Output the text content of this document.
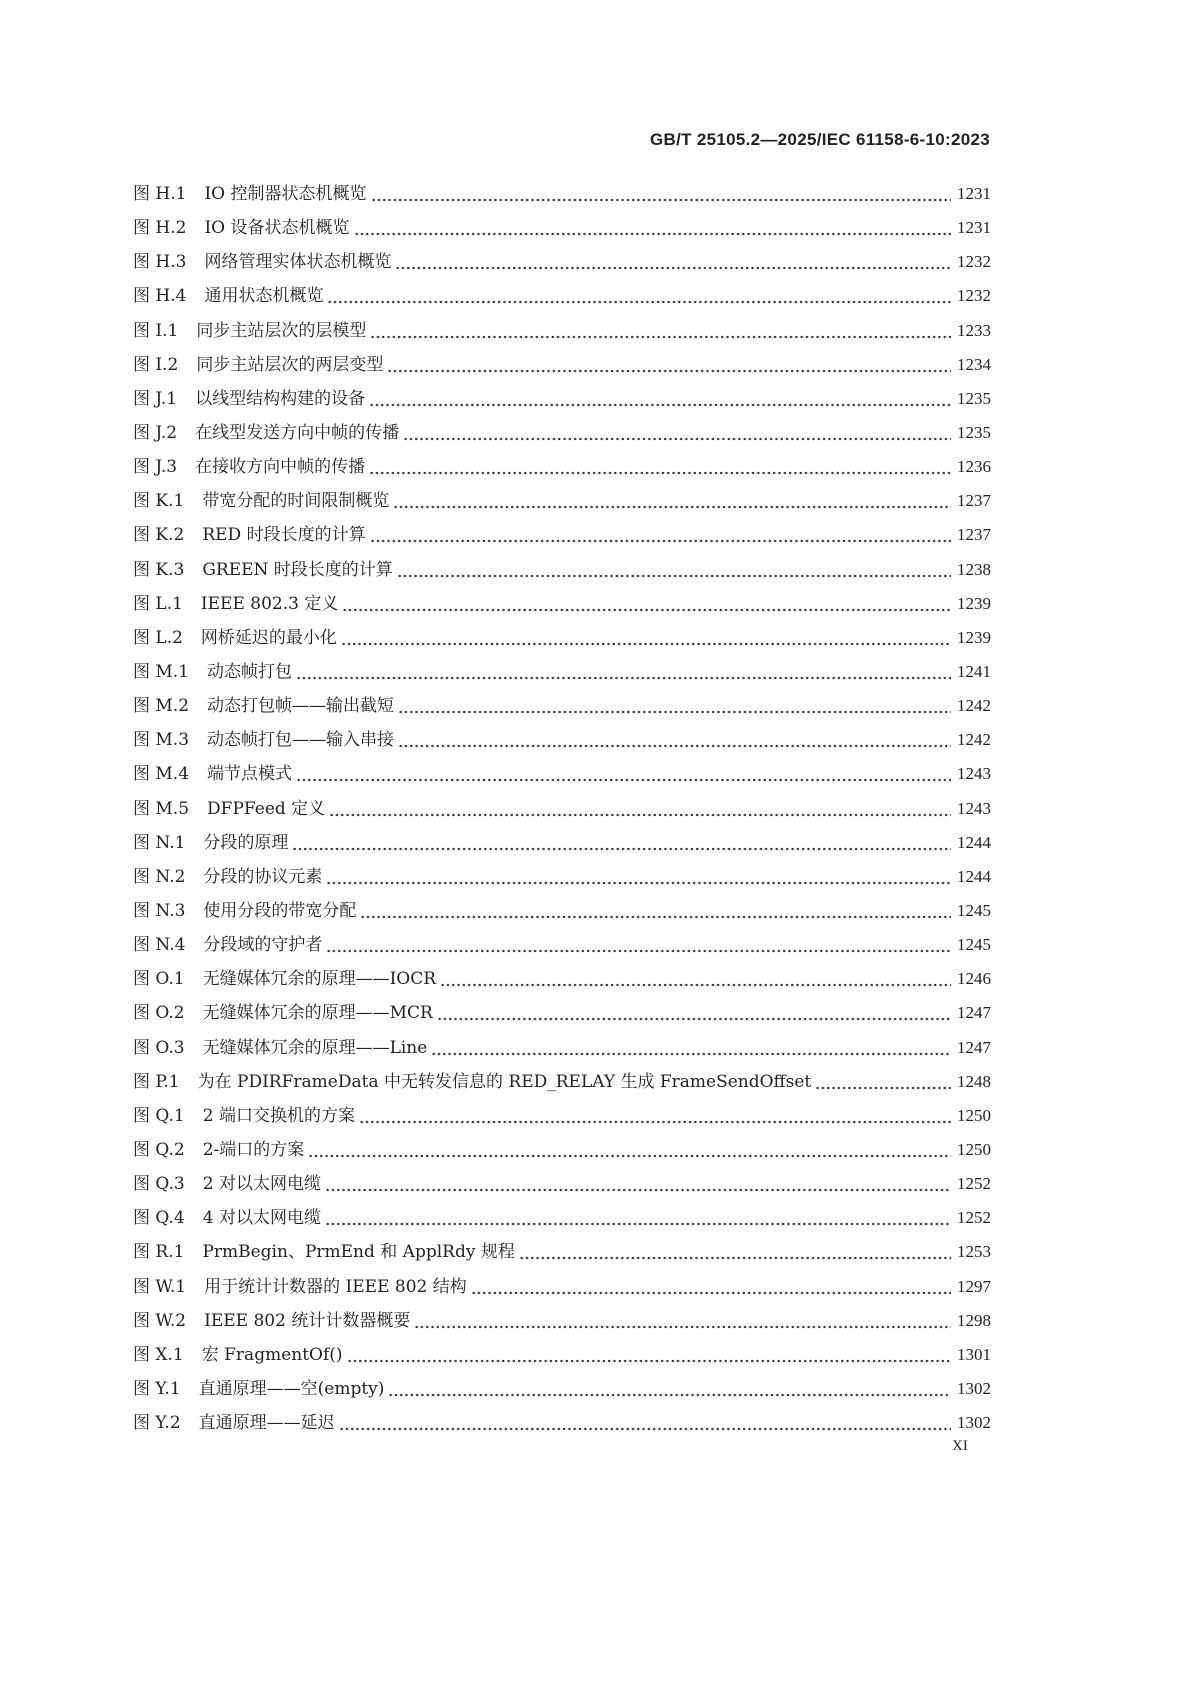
GB/T 25105.2—2025/IEC 61158-6-10:2023
图 H.1 IO 控制器状态机概览	1231
图 H.2 IO 设备状态机概览	1231
图 H.3 网络管理实体状态机概览	1232
图 H.4 通用状态机概览	1232
图 I.1 同步主站层次的层模型	1233
图 I.2 同步主站层次的两层变型	1234
图 J.1 以线型结构构建的设备	1235
图 J.2 在线型发送方向中帧的传播	1235
图 J.3 在接收方向中帧的传播	1236
图 K.1 带宽分配的时间限制概览	1237
图 K.2 RED 时段长度的计算	1237
图 K.3 GREEN 时段长度的计算	1238
图 L.1 IEEE 802.3 定义	1239
图 L.2 网桥延迟的最小化	1239
图 M.1 动态帧打包	1241
图 M.2 动态打包帧——输出截短	1242
图 M.3 动态帧打包——输入串接	1242
图 M.4 端节点模式	1243
图 M.5 DFPFeed 定义	1243
图 N.1 分段的原理	1244
图 N.2 分段的协议元素	1244
图 N.3 使用分段的带宽分配	1245
图 N.4 分段域的守护者	1245
图 O.1 无缝媒体冗余的原理——IOCR	1246
图 O.2 无缝媒体冗余的原理——MCR	1247
图 O.3 无缝媒体冗余的原理——Line	1247
图 P.1 为在 PDIRFrameData 中无转发信息的 RED_RELAY 生成 FrameSendOffset	1248
图 Q.1 2 端口交换机的方案	1250
图 Q.2 2-端口的方案	1250
图 Q.3 2 对以太网电缆	1252
图 Q.4 4 对以太网电缆	1252
图 R.1 PrmBegin、PrmEnd 和 ApplRdy 规程	1253
图 W.1 用于统计计数器的 IEEE 802 结构	1297
图 W.2 IEEE 802 统计计数器概要	1298
图 X.1 宏 FragmentOf()	1301
图 Y.1 直通原理——空(empty)	1302
图 Y.2 直通原理——延迟	1302
XI
